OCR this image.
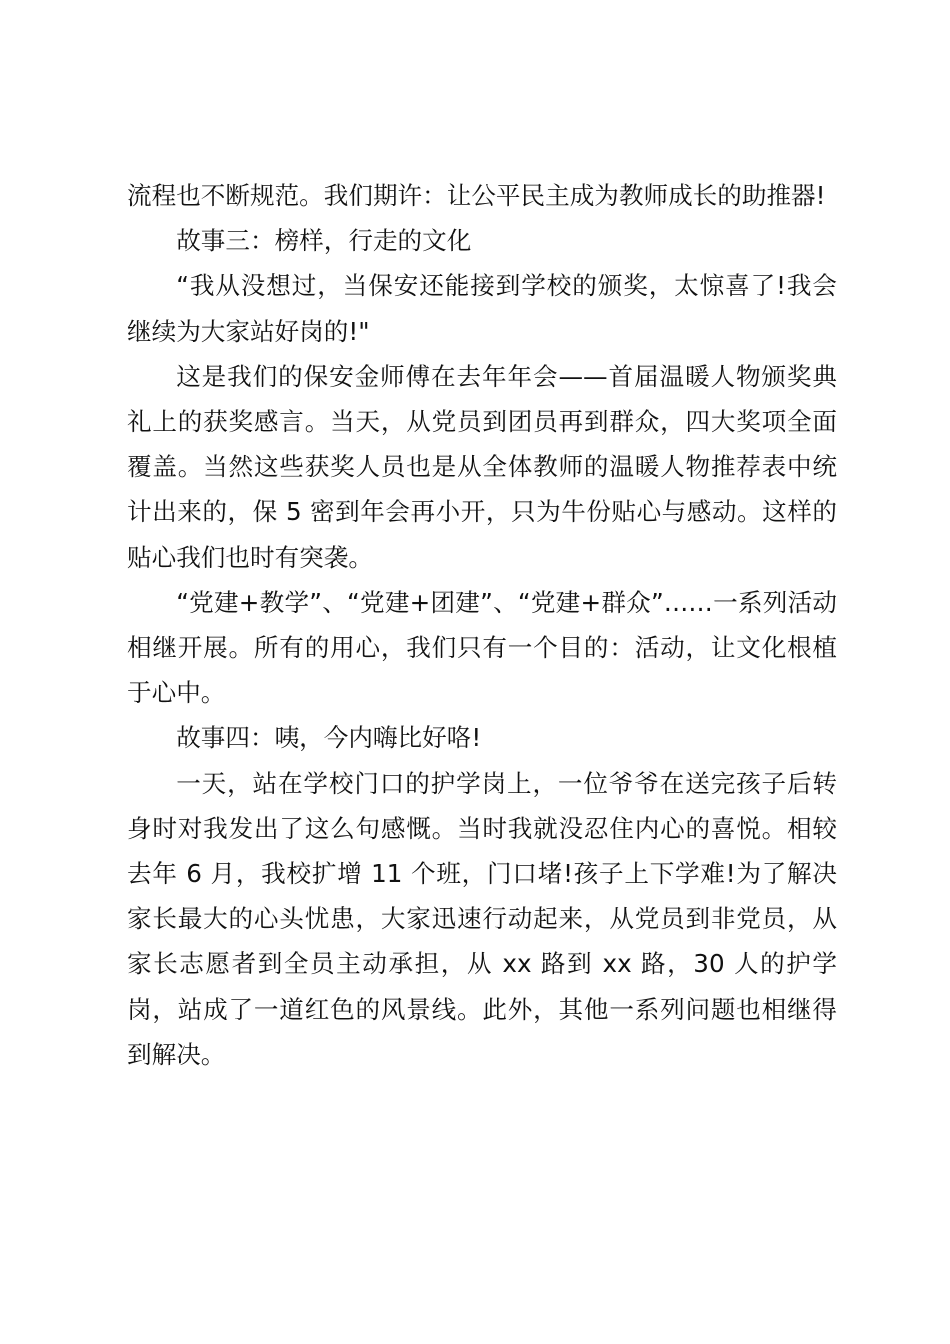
流程也不断规范。我们期许：让公平民主成为教师成长的助推器!

故事三：榜样，行走的文化

“我从没想过，当保安还能接到学校的颁奖，太惊喜了!我会继续为大家站好岗的!"

这是我们的保安金师傅在去年年会——首届温暖人物颁奖典礼上的获奖感言。当天，从党员到团员再到群众，四大奖项全面覆盖。当然这些获奖人员也是从全体教师的温暖人物推荐表中统计出来的，保 5 密到年会再小开，只为牛份贴心与感动。这样的贴心我们也时有突袭。

“党建+教学”、“党建+团建”、“党建+群众”……一系列活动相继开展。所有的用心，我们只有一个目的：活动，让文化根植于心中。

故事四：咦，今内嗨比好咯!

一天，站在学校门口的护学岗上，一位爷爷在送完孩子后转身时对我发出了这么句感慨。当时我就没忍住内心的喜悦。相较去年 6 月，我校扩增 11 个班，门口堵!孩子上下学难!为了解决家长最大的心头忧患，大家迅速行动起来，从党员到非党员，从家长志愿者到全员主动承担，从 xx 路到 xx 路，30 人的护学岗，站成了一道红色的风景线。此外，其他一系列问题也相继得到解决。
